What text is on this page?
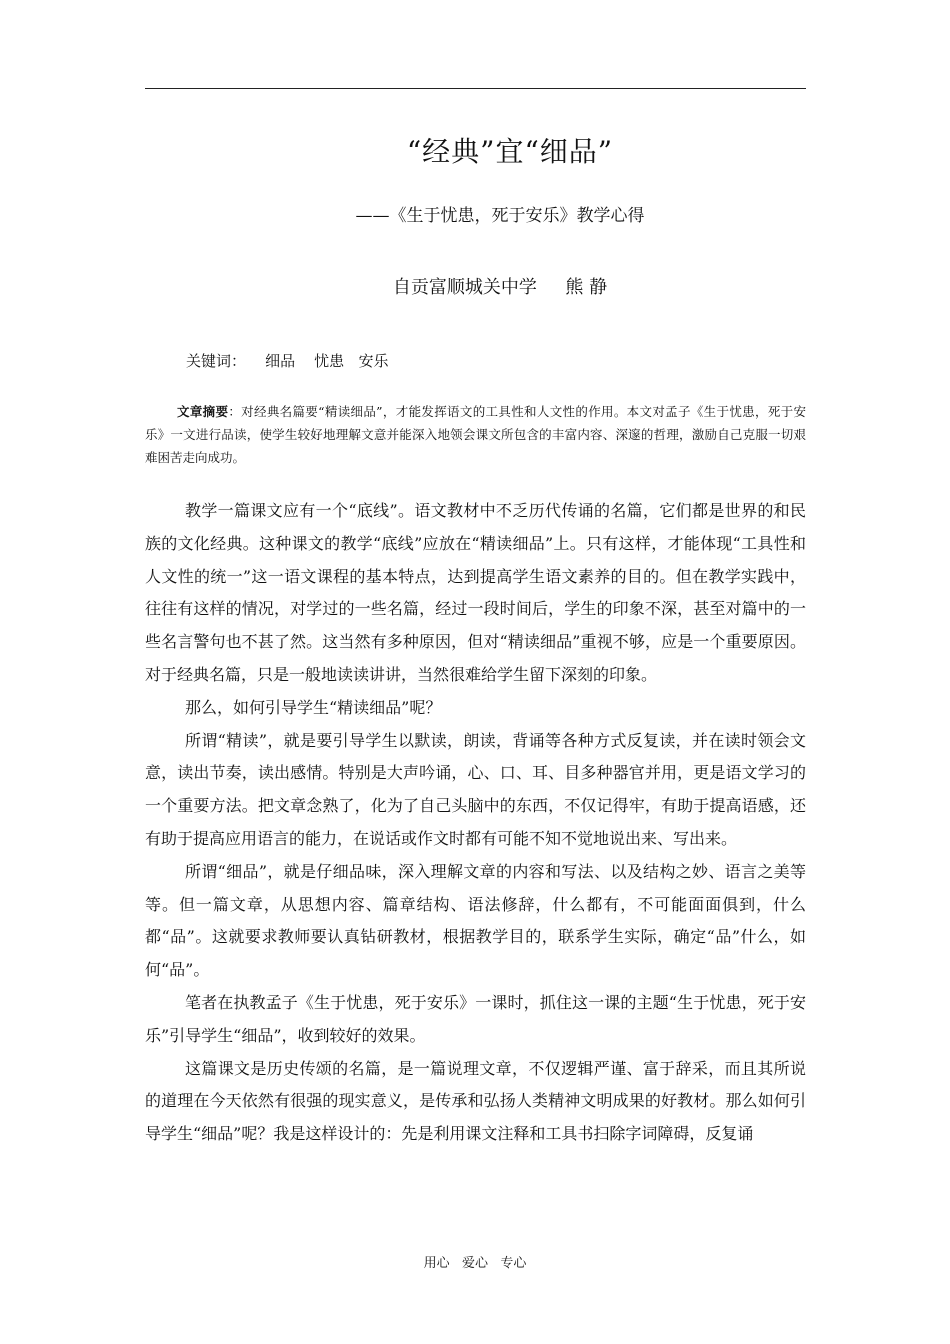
“经典”宜“细品”
——《生于忧患，死于安乐》教学心得
自贡富顺城关中学     熊 静
关键词：    细品    忧患   安乐
文章摘要：对经典名篇要“精读细品”，才能发挥语文的工具性和人文性的作用。本文对孟子《生于忧患，死于安乐》一文进行品读，使学生较好地理解文意并能深入地领会课文所包含的丰富内容、深邃的哲理，激励自己克服一切艰难困苦走向成功。

教学一篇课文应有一个“底线”。语文教材中不乏历代传诵的名篇，它们都是世界的和民族的文化经典。这种课文的教学“底线”应放在“精读细品”上。只有这样，才能体现“工具性和人文性的统一”这一语文课程的基本特点，达到提高学生语文素养的目的。但在教学实践中，往往有这样的情况，对学过的一些名篇，经过一段时间后，学生的印象不深，甚至对篇中的一些名言警句也不甚了然。这当然有多种原因，但对“精读细品”重视不够，应是一个重要原因。对于经典名篇，只是一般地读读讲讲，当然很难给学生留下深刻的印象。

那么，如何引导学生“精读细品”呢？

所谓“精读”，就是要引导学生以默读，朗读，背诵等各种方式反复读，并在读时领会文意，读出节奏，读出感情。特别是大声吟诵，心、口、耳、目多种器官并用，更是语文学习的一个重要方法。把文章念熟了，化为了自己头脑中的东西，不仅记得牢，有助于提高语感，还有助于提高应用语言的能力，在说话或作文时都有可能不知不觉地说出来、写出来。

所谓“细品”，就是仔细品味，深入理解文章的内容和写法、以及结构之妙、语言之美等等。但一篇文章，从思想内容、篇章结构、语法修辞，什么都有，不可能面面俱到，什么都“品”。这就要求教师要认真钻研教材，根据教学目的，联系学生实际，确定“品”什么，如何“品”。

笔者在执教孟子《生于忧患，死于安乐》一课时，抓住这一课的主题“生于忧患，死于安乐”引导学生“细品”，收到较好的效果。

这篇课文是历史传颂的名篇，是一篇说理文章，不仅逻辑严谨、富于辞采，而且其所说的道理在今天依然有很强的现实意义，是传承和弘扬人类精神文明成果的好教材。那么如何引导学生“细品”呢？我是这样设计的：先是利用课文注释和工具书扫除字词障碍，反复诵

用心   爱心   专心
